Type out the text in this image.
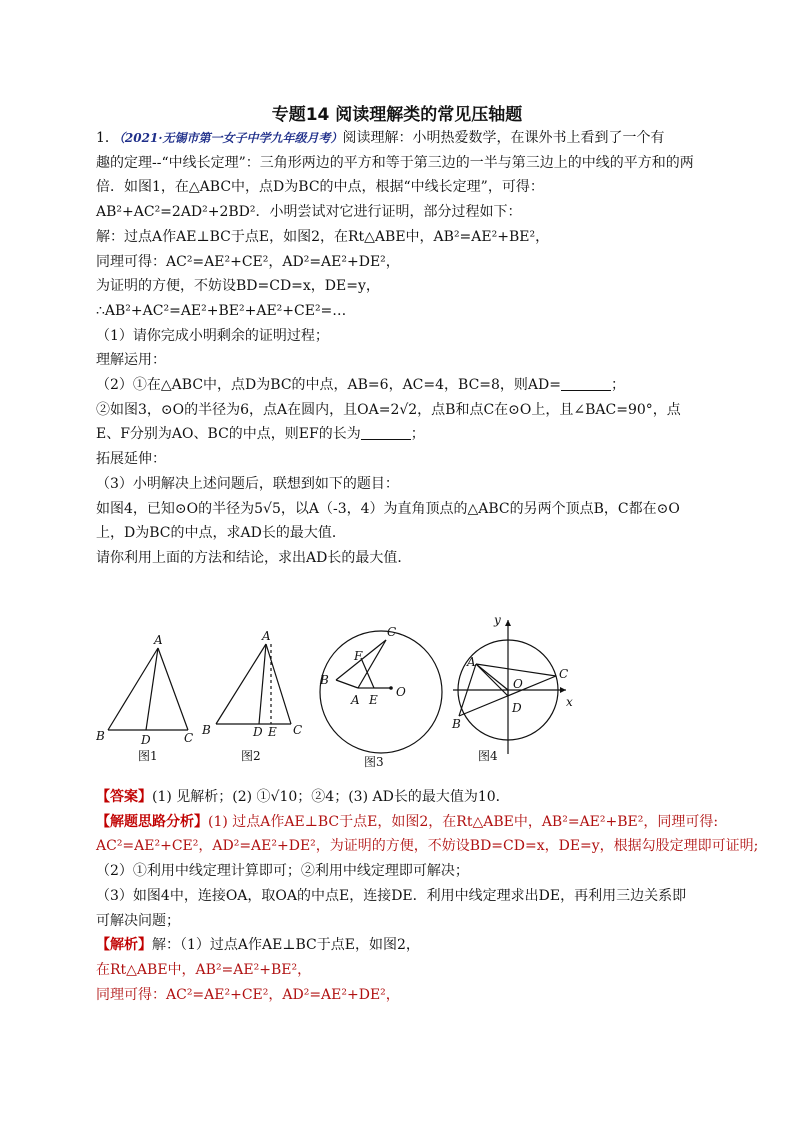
专题14 阅读理解类的常见压轴题
1．（2021·无锡市第一女子中学九年级月考）阅读理解：小明热爱数学，在课外书上看到了一个有
趣的定理--“中线长定理”：三角形两边的平方和等于第三边的一半与第三边上的中线的平方和的两
倍．如图1，在△ABC中，点D为BC的中点，根据“中线长定理”，可得：
AB²+AC²=2AD²+2BD²．小明尝试对它进行证明，部分过程如下：
解：过点A作AE⊥BC于点E，如图2，在Rt△ABE中，AB²=AE²+BE²，
同理可得：AC²=AE²+CE²，AD²=AE²+DE²，
为证明的方便，不妨设BD=CD=x，DE=y，
∴AB²+AC²=AE²+BE²+AE²+CE²=…
（1）请你完成小明剩余的证明过程；
理解运用：
（2）①在△ABC中，点D为BC的中点，AB=6，AC=4，BC=8，则AD=	；
②如图3，⊙O的半径为6，点A在圆内，且OA=2√2，点B和点C在⊙O上，且∠BAC=90°，点
E、F分别为AO、BC的中点，则EF的长为	；
拓展延伸：
（3）小明解决上述问题后，联想到如下的题目：
如图4，已知⊙O的半径为5√5，以A（-3，4）为直角顶点的△ABC的另两个顶点B，C都在⊙O
上，D为BC的中点，求AD长的最大值．
请你利用上面的方法和结论，求出AD长的最大值．
A
B	D	C
图1
A
B	D E C
图2
C
F
B
A E
O
图3
y
A
O
C
D
B
x
图4
【答案】(1) 见解析；(2) ①√10；②4；(3) AD长的最大值为10．
【解题思路分析】(1) 过点A作AE⊥BC于点E，如图2，在Rt△ABE中，AB²=AE²+BE²，同理可得:
AC²=AE²+CE²，AD²=AE²+DE²，为证明的方便，不妨设BD=CD=x，DE=y，根据勾股定理即可证明;
（2）①利用中线定理计算即可；②利用中线定理即可解决；
（3）如图4中，连接OA，取OA的中点E，连接DE．利用中线定理求出DE，再利用三边关系即
可解决问题；
【解析】解：（1）过点A作AE⊥BC于点E，如图2，
在Rt△ABE中，AB²=AE²+BE²，
同理可得：AC²=AE²+CE²，AD²=AE²+DE²，
